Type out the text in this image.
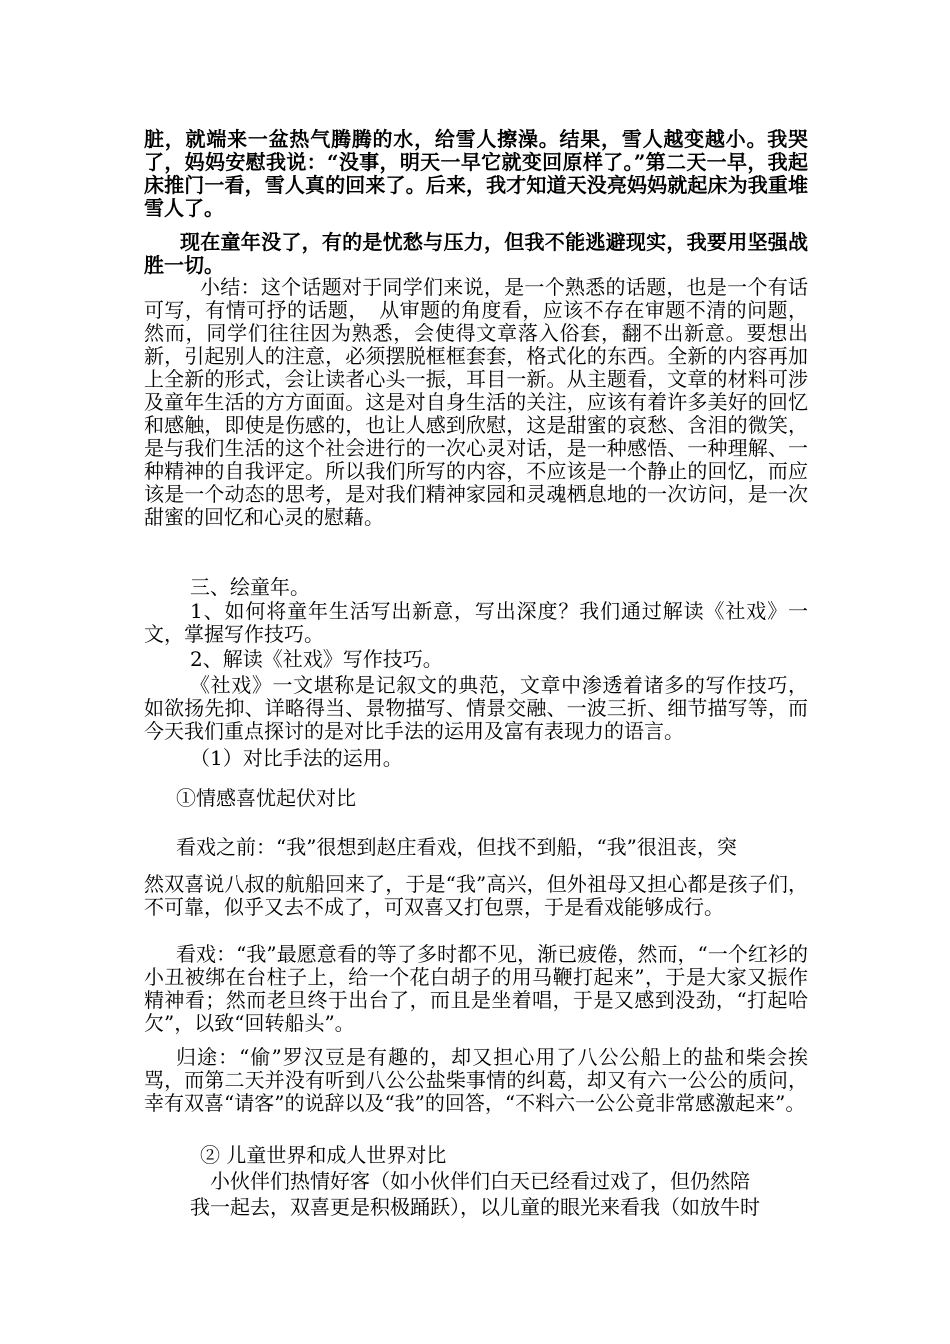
脏，就端来一盆热气腾腾的水，给雪人擦澡。结果，雪人越变越小。我哭了，妈妈安慰我说：“没事，明天一早它就变回原样了。”第二天一早，我起床推门一看，雪人真的回来了。后来，我才知道天没亮妈妈就起床为我重堆雪人了。
现在童年没了，有的是忧愁与压力，但我不能逃避现实，我要用坚强战胜一切。
小结：这个话题对于同学们来说，是一个熟悉的话题，也是一个有话可写，有情可抒的话题，　从审题的角度看，应该不存在审题不清的问题，然而，同学们往往因为熟悉，会使得文章落入俗套，翻不出新意。要想出新，引起别人的注意，必须摆脱框框套套，格式化的东西。全新的内容再加上全新的形式，会让读者心头一振，耳目一新。从主题看，文章的材料可涉及童年生活的方方面面。这是对自身生活的关注，应该有着许多美好的回忆和感触，即使是伤感的，也让人感到欣慰，这是甜蜜的哀愁、含泪的微笑，是与我们生活的这个社会进行的一次心灵对话，是一种感悟、一种理解、一种精神的自我评定。所以我们所写的内容，不应该是一个静止的回忆，而应该是一个动态的思考，是对我们精神家园和灵魂栖息地的一次访问，是一次甜蜜的回忆和心灵的慰藉。
三、绘童年。
1、如何将童年生活写出新意，写出深度？我们通过解读《社戏》一文，掌握写作技巧。
2、解读《社戏》写作技巧。
《社戏》一文堪称是记叙文的典范，文章中渗透着诸多的写作技巧，如欲扬先抑、详略得当、景物描写、情景交融、一波三折、细节描写等，而今天我们重点探讨的是对比手法的运用及富有表现力的语言。
（1）对比手法的运用。
①情感喜忧起伏对比
看戏之前：“我”很想到赵庄看戏，但找不到船，“我”很沮丧，突
然双喜说八叔的航船回来了，于是“我”高兴，但外祖母又担心都是孩子们，不可靠，似乎又去不成了，可双喜又打包票，于是看戏能够成行。
看戏：“我”最愿意看的等了多时都不见，渐已疲倦，然而，“一个红衫的小丑被绑在台柱子上，给一个花白胡子的用马鞭打起来”，于是大家又振作精神看；然而老旦终于出台了，而且是坐着唱，于是又感到没劲，“打起哈欠”，以致“回转船头”。
归途：“偷”罗汉豆是有趣的，却又担心用了八公公船上的盐和柴会挨骂，而第二天并没有听到八公公盐柴事情的纠葛，却又有六一公公的质问，幸有双喜“请客”的说辞以及“我”的回答，“不料六一公公竟非常感激起来”。
② 儿童世界和成人世界对比
小伙伴们热情好客（如小伙伴们白天已经看过戏了，但仍然陪
我一起去，双喜更是积极踊跃），以儿童的眼光来看我（如放牛时
